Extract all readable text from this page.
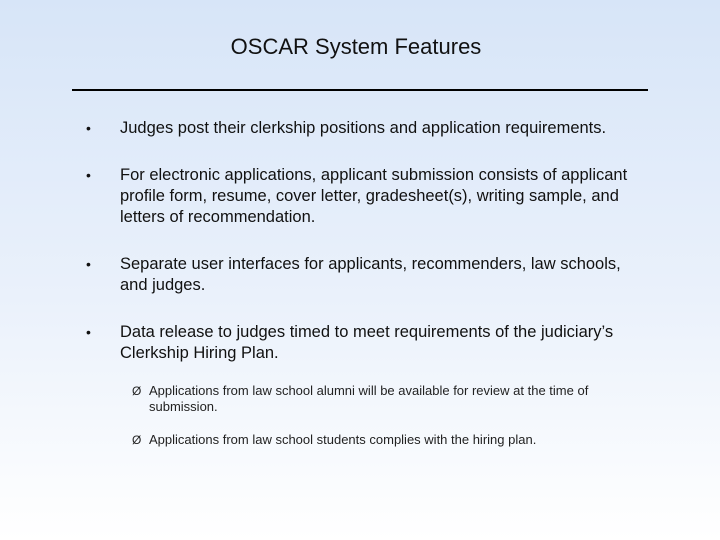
OSCAR System Features
• Judges post their clerkship positions and application requirements.
• For electronic applications, applicant submission consists of applicant profile form, resume, cover letter, gradesheet(s), writing sample, and letters of recommendation.
• Separate user interfaces for applicants, recommenders, law schools, and judges.
• Data release to judges timed to meet requirements of the judiciary’s Clerkship Hiring Plan.
Ø Applications from law school alumni will be available for review at the time of submission.
Ø Applications from law school students complies with the hiring plan.
